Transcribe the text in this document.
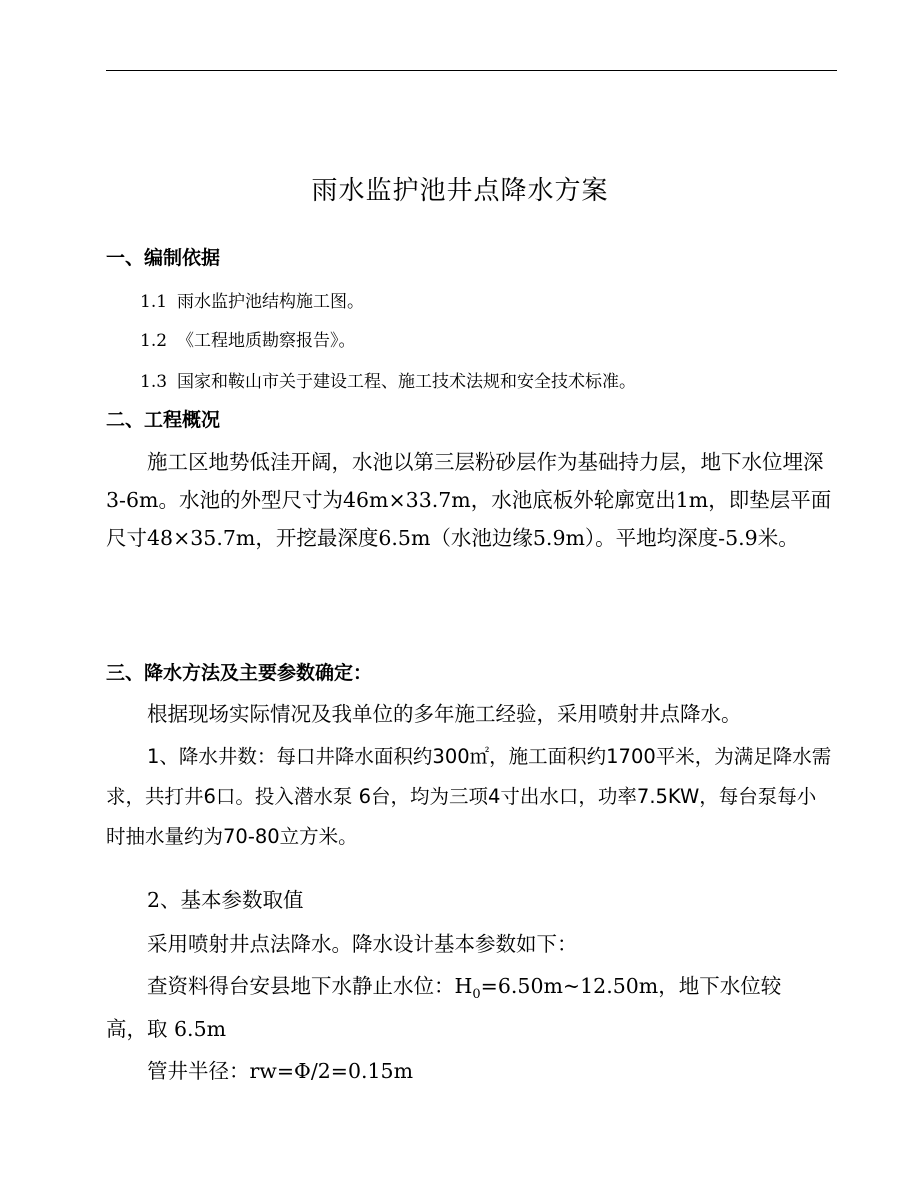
雨水监护池井点降水方案
一、编制依据
1.1 雨水监护池结构施工图。
1.2 《工程地质勘察报告》。
1.3 国家和鞍山市关于建设工程、施工技术法规和安全技术标准。
二、工程概况
施工区地势低洼开阔，水池以第三层粉砂层作为基础持力层，地下水位埋深3-6m。水池的外型尺寸为46m×33.7m，水池底板外轮廓宽出1m，即垫层平面尺寸48×35.7m，开挖最深度6.5m（水池边缘5.9m）。平地均深度-5.9米。
三、降水方法及主要参数确定：
根据现场实际情况及我单位的多年施工经验，采用喷射井点降水。
1、降水井数：每口井降水面积约300㎡，施工面积约1700平米，为满足降水需求，共打井6口。投入潜水泵 6台，均为三项4寸出水口，功率7.5KW，每台泵每小时抽水量约为70-80立方米。
2、基本参数取值
采用喷射井点法降水。降水设计基本参数如下：
查资料得台安县地下水静止水位：$H_0=6.50m\sim 12.50m$，地下水位较
高，取 6.5m
管井半径：rw=Φ/2=0.15m
